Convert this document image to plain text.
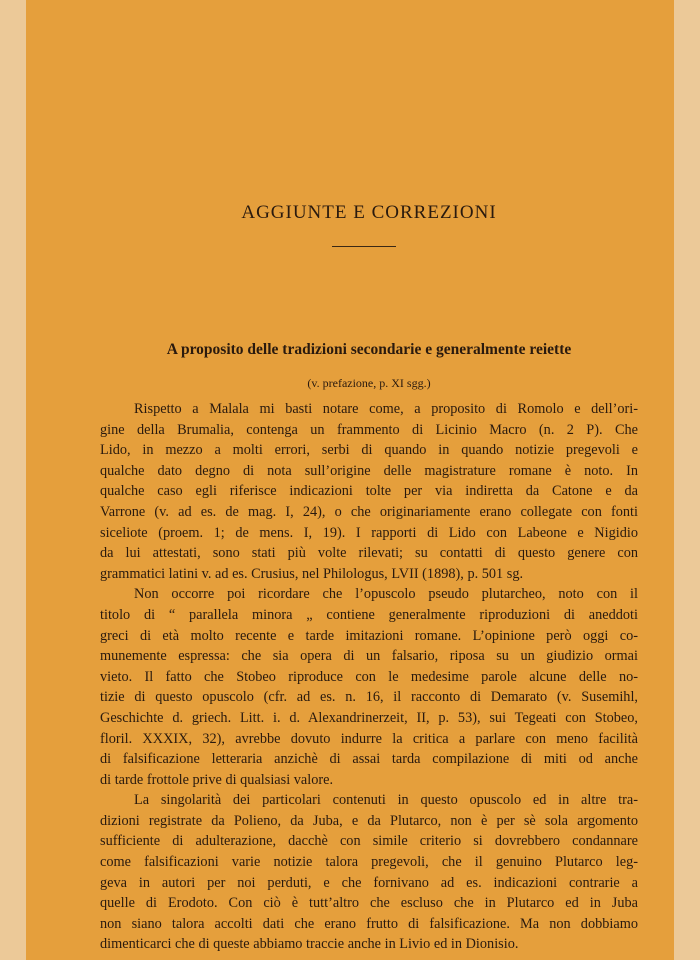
AGGIUNTE E CORREZIONI
A proposito delle tradizioni secondarie e generalmente reiette
(v. prefazione, p. XI sgg.)
Rispetto a Malala mi basti notare come, a proposito di Romolo e dell’ori-
gine della Brumalia, contenga un frammento di Licinio Macro (n. 2 P). Che
Lido, in mezzo a molti errori, serbi di quando in quando notizie pregevoli e
qualche dato degno di nota sull’origine delle magistrature romane è noto. In
qualche caso egli riferisce indicazioni tolte per via indiretta da Catone e da
Varrone (v. ad es. de mag. I, 24), o che originariamente erano collegate con fonti
siceliote (proem. 1; de mens. I, 19). I rapporti di Lido con Labeone e Nigidio
da lui attestati, sono stati più volte rilevati; su contatti di questo genere con
grammatici latini v. ad es. Crusius, nel Philologus, LVII (1898), p. 501 sg.
Non occorre poi ricordare che l’opuscolo pseudo plutarcheo, noto con il
titolo di “ parallela minora „ contiene generalmente riproduzioni di aneddoti
greci di età molto recente e tarde imitazioni romane. L’opinione però oggi co-
munemente espressa: che sia opera di un falsario, riposa su un giudizio ormai
vieto. Il fatto che Stobeo riproduce con le medesime parole alcune delle no-
tizie di questo opuscolo (cfr. ad es. n. 16, il racconto di Demarato (v. Susemihl,
Geschichte d. griech. Litt. i. d. Alexandrinerzeit, II, p. 53), sui Tegeati con Stobeo,
floril. XXXIX, 32), avrebbe dovuto indurre la critica a parlare con meno facilità
di falsificazione letteraria anzichè di assai tarda compilazione di miti od anche
di tarde frottole prive di qualsiasi valore.
La singolarità dei particolari contenuti in questo opuscolo ed in altre tra-
dizioni registrate da Polieno, da Juba, e da Plutarco, non è per sè sola argomento
sufficiente di adulterazione, dacchè con simile criterio si dovrebbero condannare
come falsificazioni varie notizie talora pregevoli, che il genuino Plutarco leg-
geva in autori per noi perduti, e che fornivano ad es. indicazioni contrarie a
quelle di Erodoto. Con ciò è tutt’altro che escluso che in Plutarco ed in Juba
non siano talora accolti dati che erano frutto di falsificazione. Ma non dobbiamo
dimenticarci che di queste abbiamo traccie anche in Livio ed in Dionisio.
